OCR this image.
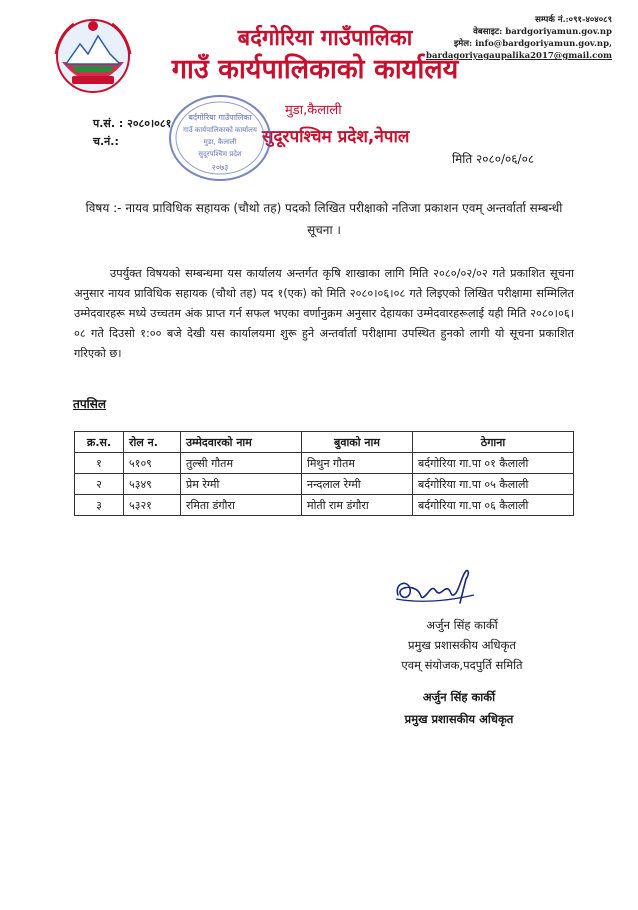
बर्दगोरिया गाउँपालिका
गाउँ कार्यपालिकाको कार्यालय
मुडा,कैलाली
सुदूरपश्चिम प्रदेश,नेपाल
सम्पर्क नं.:०९१-४०४०८९
वेबसाइट: bardgoriyamun.gov.np
इमेल: info@bardgoriyamun.gov.np,
bardagoriyagaupalika2017@gmail.com
प.सं. : २०८०।०८१
च.नं.:
बर्दगोरिया गाउँपालिका
गाउँ कार्यपालिकाको कार्यालय
मुडा, कैलाली
सुदूरपश्चिम प्रदेश
२०७३
मिति २०८०/०६/०८
विषय :- नायव प्राविधिक सहायक (चौथो तह) पदको लिखित परीक्षाको नतिजा प्रकाशन एवम् अन्तर्वार्ता सम्बन्धी सूचना ।

उपर्युक्त विषयको सम्बन्धमा यस कार्यालय अन्तर्गत कृषि शाखाका लागि मिति २०८०/०२/०२ गते प्रकाशित सूचना अनुसार नायव प्राविधिक सहायक (चौथो तह) पद १(एक) को मिति २०८०।०६।०८ गते लिइएको लिखित परीक्षामा सम्मिलित उम्मेदवारहरू मध्ये उच्चतम अंक प्राप्त गर्न सफल भएका वर्णानुक्रम अनुसार देहायका उम्मेदवारहरूलाई यही मिति २०८०।०६।०८ गते दिउसो १:०० बजे देखी यस कार्यालयमा शुरू हुने अन्तर्वार्ता परीक्षामा उपस्थित हुनको लागी यो सूचना प्रकाशित गरिएको छ।

तपसिल
क्र.स.	रोल न.	उम्मेदवारको नाम	बुवाको नाम	ठेगाना
१	५१०९	तुल्सी गौतम	मिथुन गौतम	बर्दगोरिया गा.पा ०१ कैलाली
२	५३४९	प्रेम रेग्मी	नन्दलाल रेग्मी	बर्दगोरिया गा.पा ०५ कैलाली
३	५३२१	रमिता डंगौरा	मोती राम डंगौरा	बर्दगोरिया गा.पा ०६ कैलाली
अर्जुन सिंह कार्की
प्रमुख प्रशासकीय अधिकृत
एवम् संयोजक,पदपुर्ति समिति
अर्जुन सिंह कार्की
प्रमुख प्रशासकीय अधिकृत
